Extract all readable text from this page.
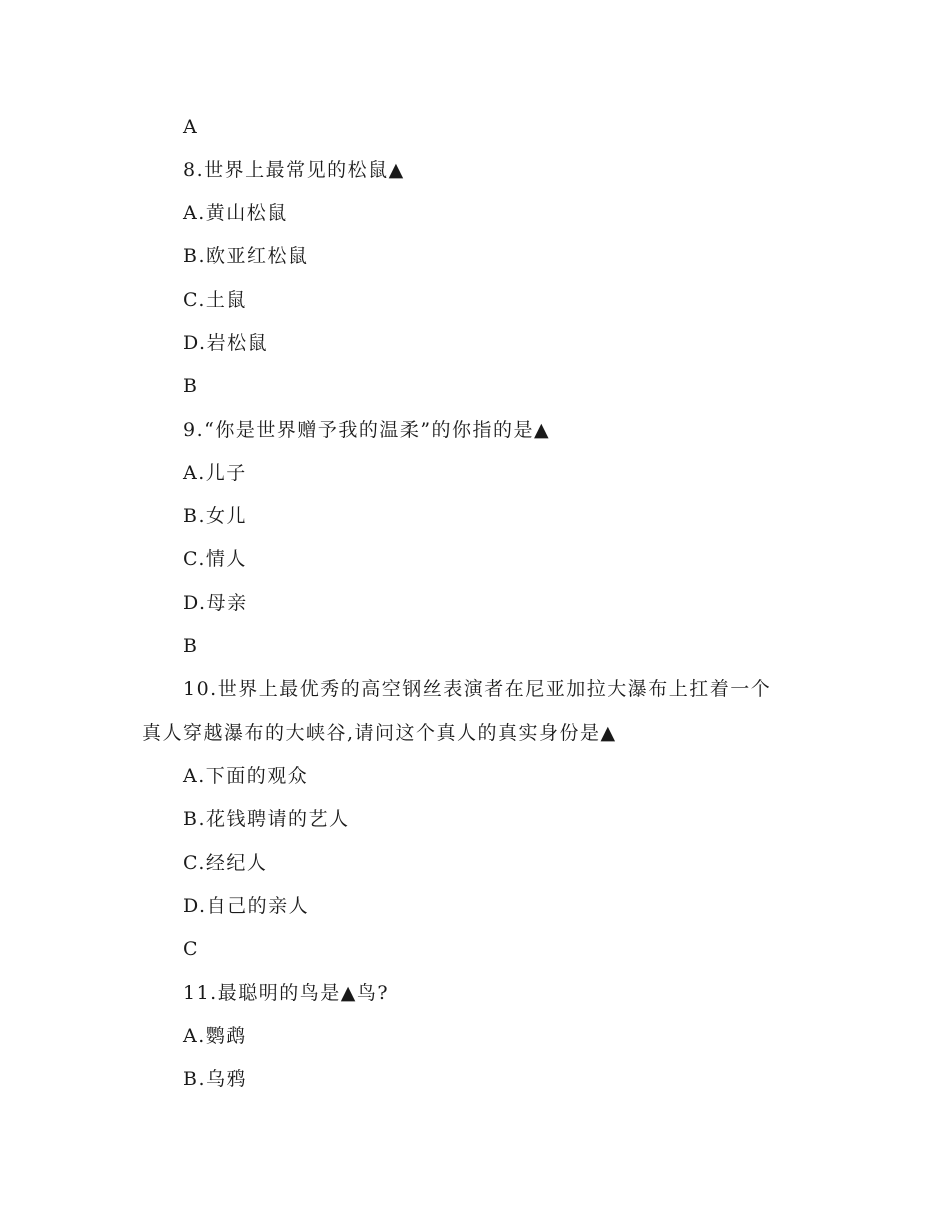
A
8.世界上最常见的松鼠▲
A.黄山松鼠
B.欧亚红松鼠
C.土鼠
D.岩松鼠
B
9.“你是世界赠予我的温柔”的你指的是▲
A.儿子
B.女儿
C.情人
D.母亲
B
10.世界上最优秀的高空钢丝表演者在尼亚加拉大瀑布上扛着一个
真人穿越瀑布的大峡谷,请问这个真人的真实身份是▲
A.下面的观众
B.花钱聘请的艺人
C.经纪人
D.自己的亲人
C
11.最聪明的鸟是▲鸟?
A.鹦鹉
B.乌鸦
